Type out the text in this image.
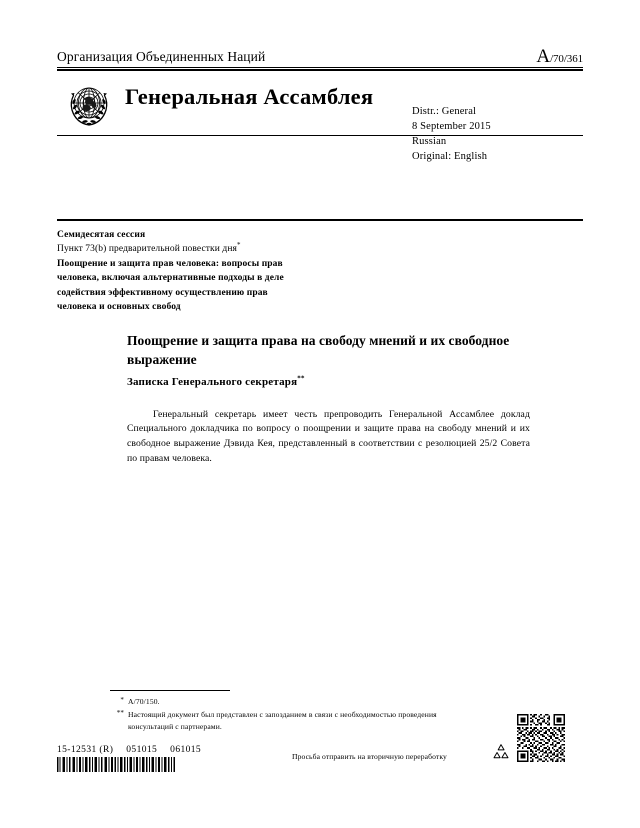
Организация Объединенных Наций	A/70/361
Генеральная Ассамблея
Distr.: General
8 September 2015
Russian
Original: English
Семидесятая сессия
Пункт 73(b) предварительной повестки дня*
Поощрение и защита прав человека: вопросы прав
человека, включая альтернативные подходы в деле
содействия эффективному осуществлению прав
человека и основных свобод
Поощрение и защита права на свободу мнений и их свободное выражение
Записка Генерального секретаря**

Генеральный секретарь имеет честь препроводить Генеральной Ассамблее доклад Специального докладчика по вопросу о поощрении и защите права на свободу мнений и их свободное выражение Дэвида Кея, представленный в соответствии с резолюцией 25/2 Совета по правам человека.

* A/70/150.
** Настоящий документ был представлен с запозданием в связи с необходимостью проведения консультаций с партнерами.
15-12531 (R) 051015 061015
Просьба отправить на вторичную переработку
